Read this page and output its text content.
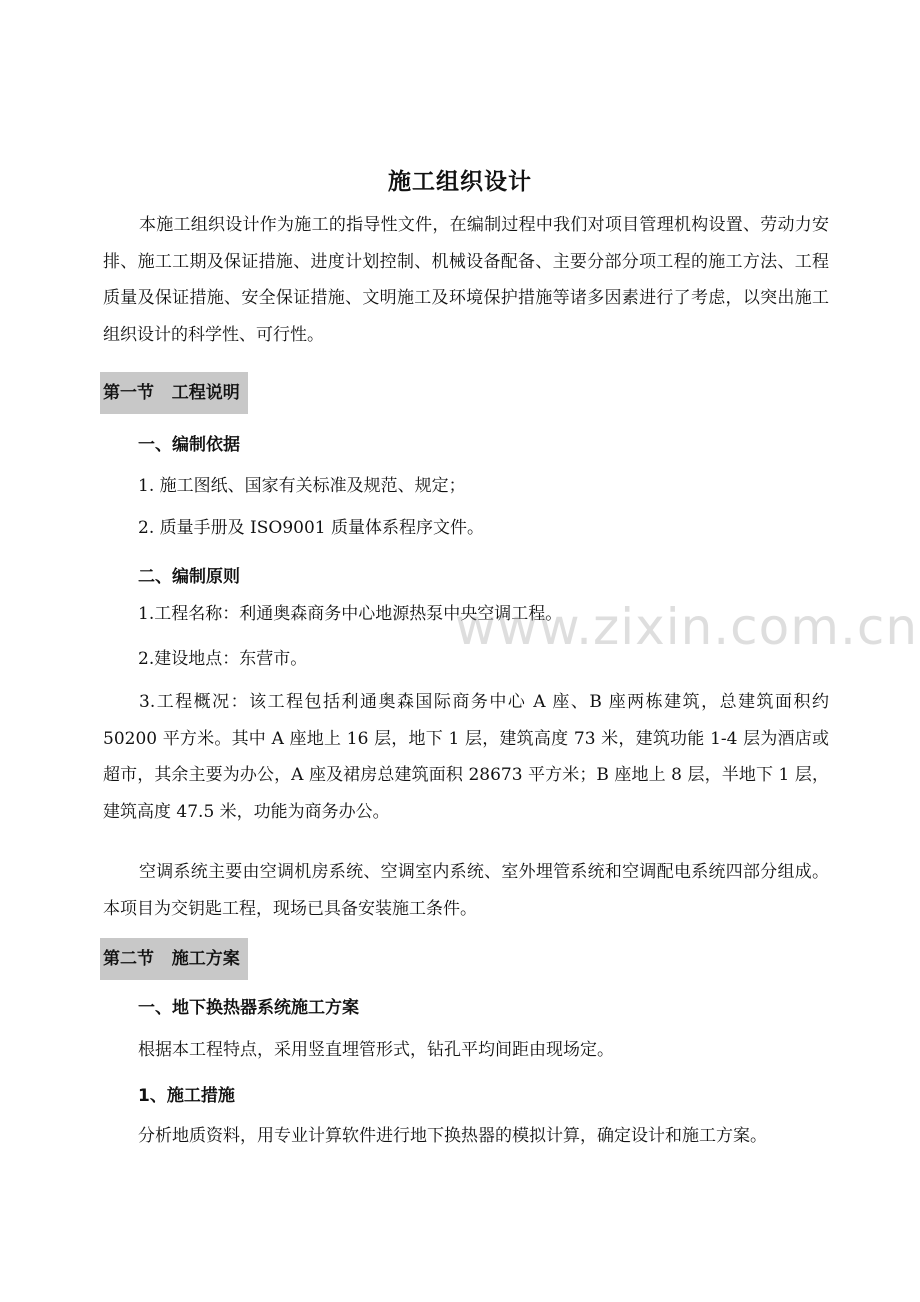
施工组织设计
本施工组织设计作为施工的指导性文件，在编制过程中我们对项目管理机构设置、劳动力安排、施工工期及保证措施、进度计划控制、机械设备配备、主要分部分项工程的施工方法、工程质量及保证措施、安全保证措施、文明施工及环境保护措施等诸多因素进行了考虑，以突出施工组织设计的科学性、可行性。
第一节   工程说明
一、编制依据
1. 施工图纸、国家有关标准及规范、规定；
2. 质量手册及 ISO9001 质量体系程序文件。
二、编制原则
1.工程名称：利通奥森商务中心地源热泵中央空调工程。
2.建设地点：东营市。
3.工程概况：该工程包括利通奥森国际商务中心 A 座、B 座两栋建筑，总建筑面积约 50200 平方米。其中 A 座地上 16 层，地下 1 层，建筑高度 73 米，建筑功能 1-4 层为酒店或超市，其余主要为办公，A 座及裙房总建筑面积 28673 平方米；B 座地上 8 层，半地下 1 层，建筑高度 47.5 米，功能为商务办公。
空调系统主要由空调机房系统、空调室内系统、室外埋管系统和空调配电系统四部分组成。本项目为交钥匙工程，现场已具备安装施工条件。
第二节   施工方案
一、地下换热器系统施工方案
根据本工程特点，采用竖直埋管形式，钻孔平均间距由现场定。
1、施工措施
分析地质资料，用专业计算软件进行地下换热器的模拟计算，确定设计和施工方案。
www.zixin.com.cn
